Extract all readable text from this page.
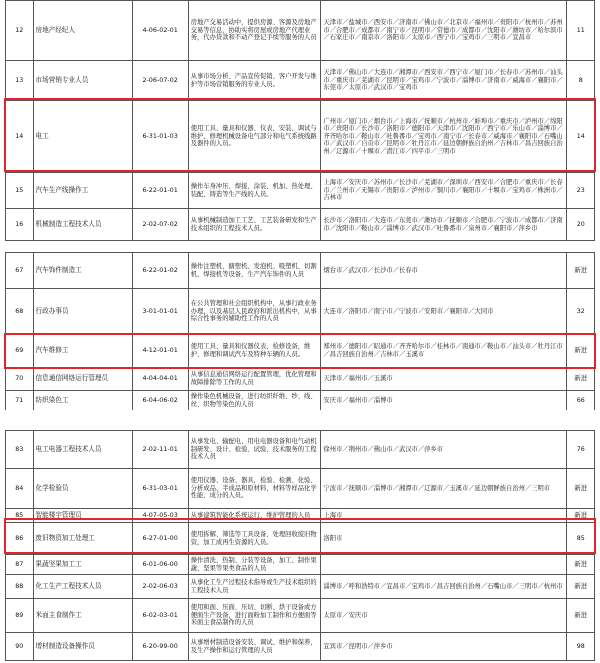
12	房地产经纪人	4-06-02-01	房地产交易活动中，提供房源、客源及房地产交易等信息，协助实将房屋或房地产代理业务，代办贷款和不动产登记手续等服务的人员	天津市／盐城市／西安市／济南市／佛山市／北京市／福州市／贵阳市／杭州市／苏州市／合肥市／成都市／南宁市／昆明市／常德市／成都市／沈阳市／潍坊市／哈尔滨市／石家庄市／南京市／洛阳市／太原市／西宁市／宝鸡市／三明市／宣昌市	11
13	市场营销专业人员	2-06-07-02	从事市场分析、产品宣传促销、客户开发与维护等市场营销服务的专业人员。	天津市／佛山市／大连市／湘潭市／西安市／西宁市／厦门市／长春市／苏州市／汕头市／重庆市／芜湖市／昆明市／宝鸡市／宁波市／淄博市／济南市／威海市／襄阳市／东莞市／太原市／武汉市／宝鸡市	8
14	电工	6-31-01-03	使用工具、量具和仪器、仪表，安装、调试与维护、修理机械设备电气部分和电气系统线路及器件的人员。	广州市／厦门市／烟台市／上海市／抚顺市／杭州市／蚌埠市／重庆市／泸州市／绵阳市／贵阳市／长沙市／洛阳市／德阳市／天津市／沈阳市／西宁市／乐山市／淄博市／齐齐哈尔市／鞍山市／吐鲁番市／宝鸡市／南宁市／长春市／威海市／襄阳市／石嘴山市／武汉市／自贡市／昆明市／牡丹江市／延边朝鲜族自治州／吉林市／昌吉回族自治州／辽源市／十堰市／潜江市／四平市／三明市	14
15	汽车生产线操作工	6-22-01-01	操作车身冲压、焊接、涂装、机加、热处理、装配、铸造等生产线的人员。	上海市／安庆市／苏州市／长沙市／芜湖市／深圳市／西安市／合肥市／重庆市／长春市／兰州市／无锡市／贵阳市／泸州市／铜川市／襄阳市／十堰市／宝鸡市／株洲市／吉林市	23
16	机械制造工程技术人员	2-02-07-02	从事机械制造加工工艺、工艺装备研发和生产技术组织的工程技术人员。	长沙市／洛阳市／大连市／东莞市／潍坊市／抚顺市／合肥市／宁波市／成都市／济南市／沈阳市／鞍山市／淄博市／武汉市／吐鲁番市／泉州市／襄阳市／萍乡市	20
67	汽车饰件制造工	6-22-01-02	操作注塑机、搪塑机、发泡机、吸塑机、切割机、焊接机等设备，生产汽车饰件的人员	烟台市／武汉市／长沙市／长春市	新进
68	行政办事员	3-01-01-01	在公共管理和社会组织机构中，从事行政业务办理，以及基层人民政府和派出机构中，从事综合性事务的辅助性工作的人员	大连市／洛阳市／南宁市／宁波市／安阳市／襄阳市／大同市	32
69	汽车维修工	4-12-01-01	使用工具、量具和仪器仪表、检修设备，维护、修理和调试汽车及特种车辆的人员。	郑州市／德阳市／昭通市／齐齐哈尔市／桂林市／南通市／鞍山市／汕头市／牡丹江市／昌吉回族自治州／吉林市／玉溪市	新进
70	信息通信网络运行管理员	4-04-04-01	从事信息通信网络运行配置管理，优化管理和故障排除等工作的人员	天津市／福州市／玉溪市	新进
71	纺织染色工	6-04-06-02	操作染色机械设备，进行纺织纤维、纱、线、丝、织物等染色的人员	安庆市／福州市／淄博市	66
83	电工电器工程技术人员	2-02-11-01	从事发电、输配电、用电电器设备和电气动机制研发、设计、检验、试验、技术服务的工程技术人员	徐州市／荆州市／佛山市／武汉市／萍乡市	76
84	化学检验员	6-31-03-01	使用仪器、设备、器具，检验、检测、化验、分析成品、半成品和原材料、材料等样品化学性能、成分的人员。	宁波市／抚顺市／淄博市／湘潭市／辽源市／玉溪市／延边朝鲜族自治州／三明市	新进
85	智能楼宇管理员	4-07-05-03	从事建筑智能化系统运行、维护管理的人员	上海市	新进
86	废旧物资加工处理工	6-27-01-00	使用拆解、筛选等工具设备，处理回收废旧物资，加工成再生资源的人员。	洛阳市	85
87	果蔬坚果加工工	6-01-06-00	操作清洗、热制、分装等设备，加工、制作果蔬、坚果等果类食品的人员		新进
88	化工生产工程技术人员	2-02-06-03	从事化工生产过程技术指导或生产技术组织的工程技术人员	淄博市／呼和浩特市／宜昌市／宝鸡市／昌吉回族自治州／石嘴山市／三明市／杭州市	新进
89	米面主食制作工	6-02-03-01	使用和面、压面、压切、切断、烘干设备或方便面生产设备，进行面粉加工制作和方便面等米面主食品制作的人员	太原市／安庆市	新进
90	增材制造设备操作员	6-20-99-00	从事增材制造设备安装、调试、维护和保养，及生产操作和运行管理的人员	宜宾市／昆明市／萍乡市	98
